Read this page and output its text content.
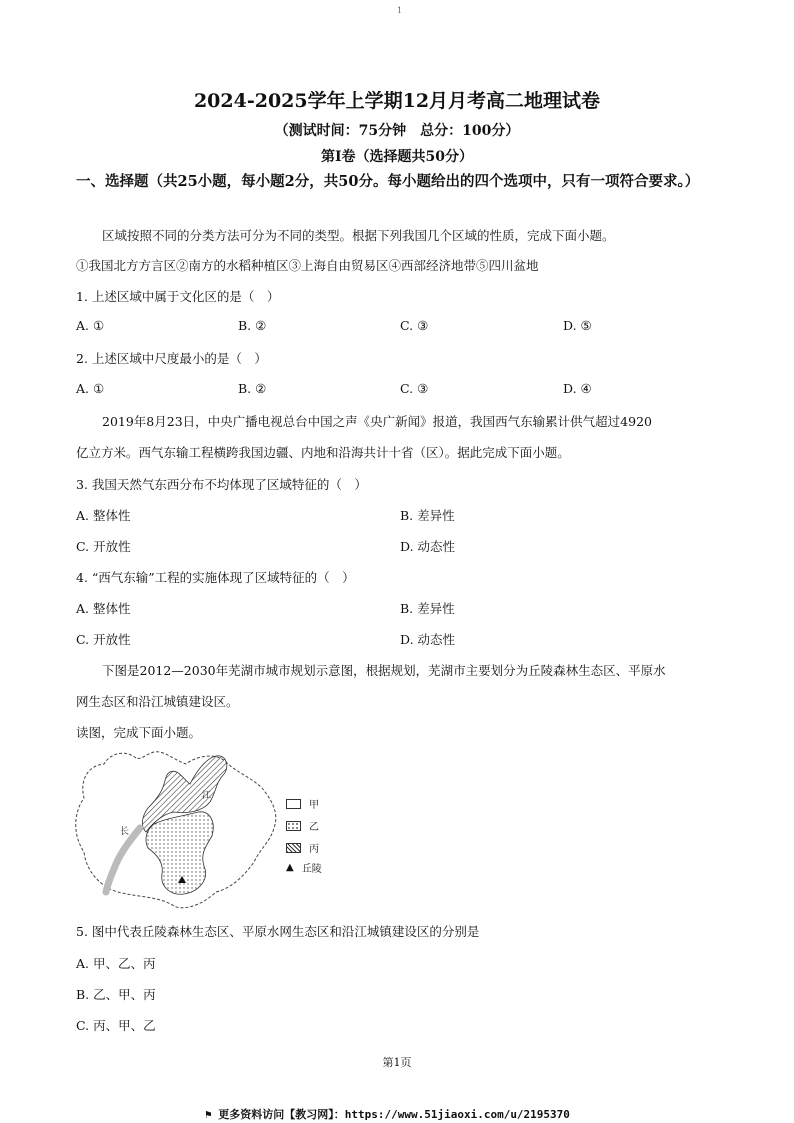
1
2024-2025学年上学期12月月考高二地理试卷
（测试时间：75分钟　总分：100分）
第Ⅰ卷（选择题共50分）
一、选择题（共25小题，每小题2分，共50分。每小题给出的四个选项中，只有一项符合要求。）
区域按照不同的分类方法可分为不同的类型。根据下列我国几个区域的性质，完成下面小题。
①我国北方方言区②南方的水稻种植区③上海自由贸易区④西部经济地带⑤四川盆地
1. 上述区域中属于文化区的是（　）
A. ①	B. ②	C. ③	D. ⑤
2. 上述区域中尺度最小的是（　）
A. ①	B. ②	C. ③	D. ④
2019年8月23日，中央广播电视总台中国之声《央广新闻》报道，我国西气东输累计供气超过4920
亿立方米。西气东输工程横跨我国边疆、内地和沿海共计十省（区）。据此完成下面小题。
3. 我国天然气东西分布不均体现了区域特征的（　）
A. 整体性	B. 差异性
C. 开放性	D. 动态性
4. “西气东输”工程的实施体现了区域特征的（　）
A. 整体性	B. 差异性
C. 开放性	D. 动态性
下图是2012—2030年芜湖市城市规划示意图，根据规划，芜湖市主要划分为丘陵森林生态区、平原水
网生态区和沿江城镇建设区。
读图，完成下面小题。
江
长
甲
乙
丙
▲ 丘陵
5. 图中代表丘陵森林生态区、平原水网生态区和沿江城镇建设区的分别是
A. 甲、乙、丙
B. 乙、甲、丙
C. 丙、甲、乙
第1页
⚑ 更多资料访问【教习网】：https://www.51jiaoxi.com/u/2195370
